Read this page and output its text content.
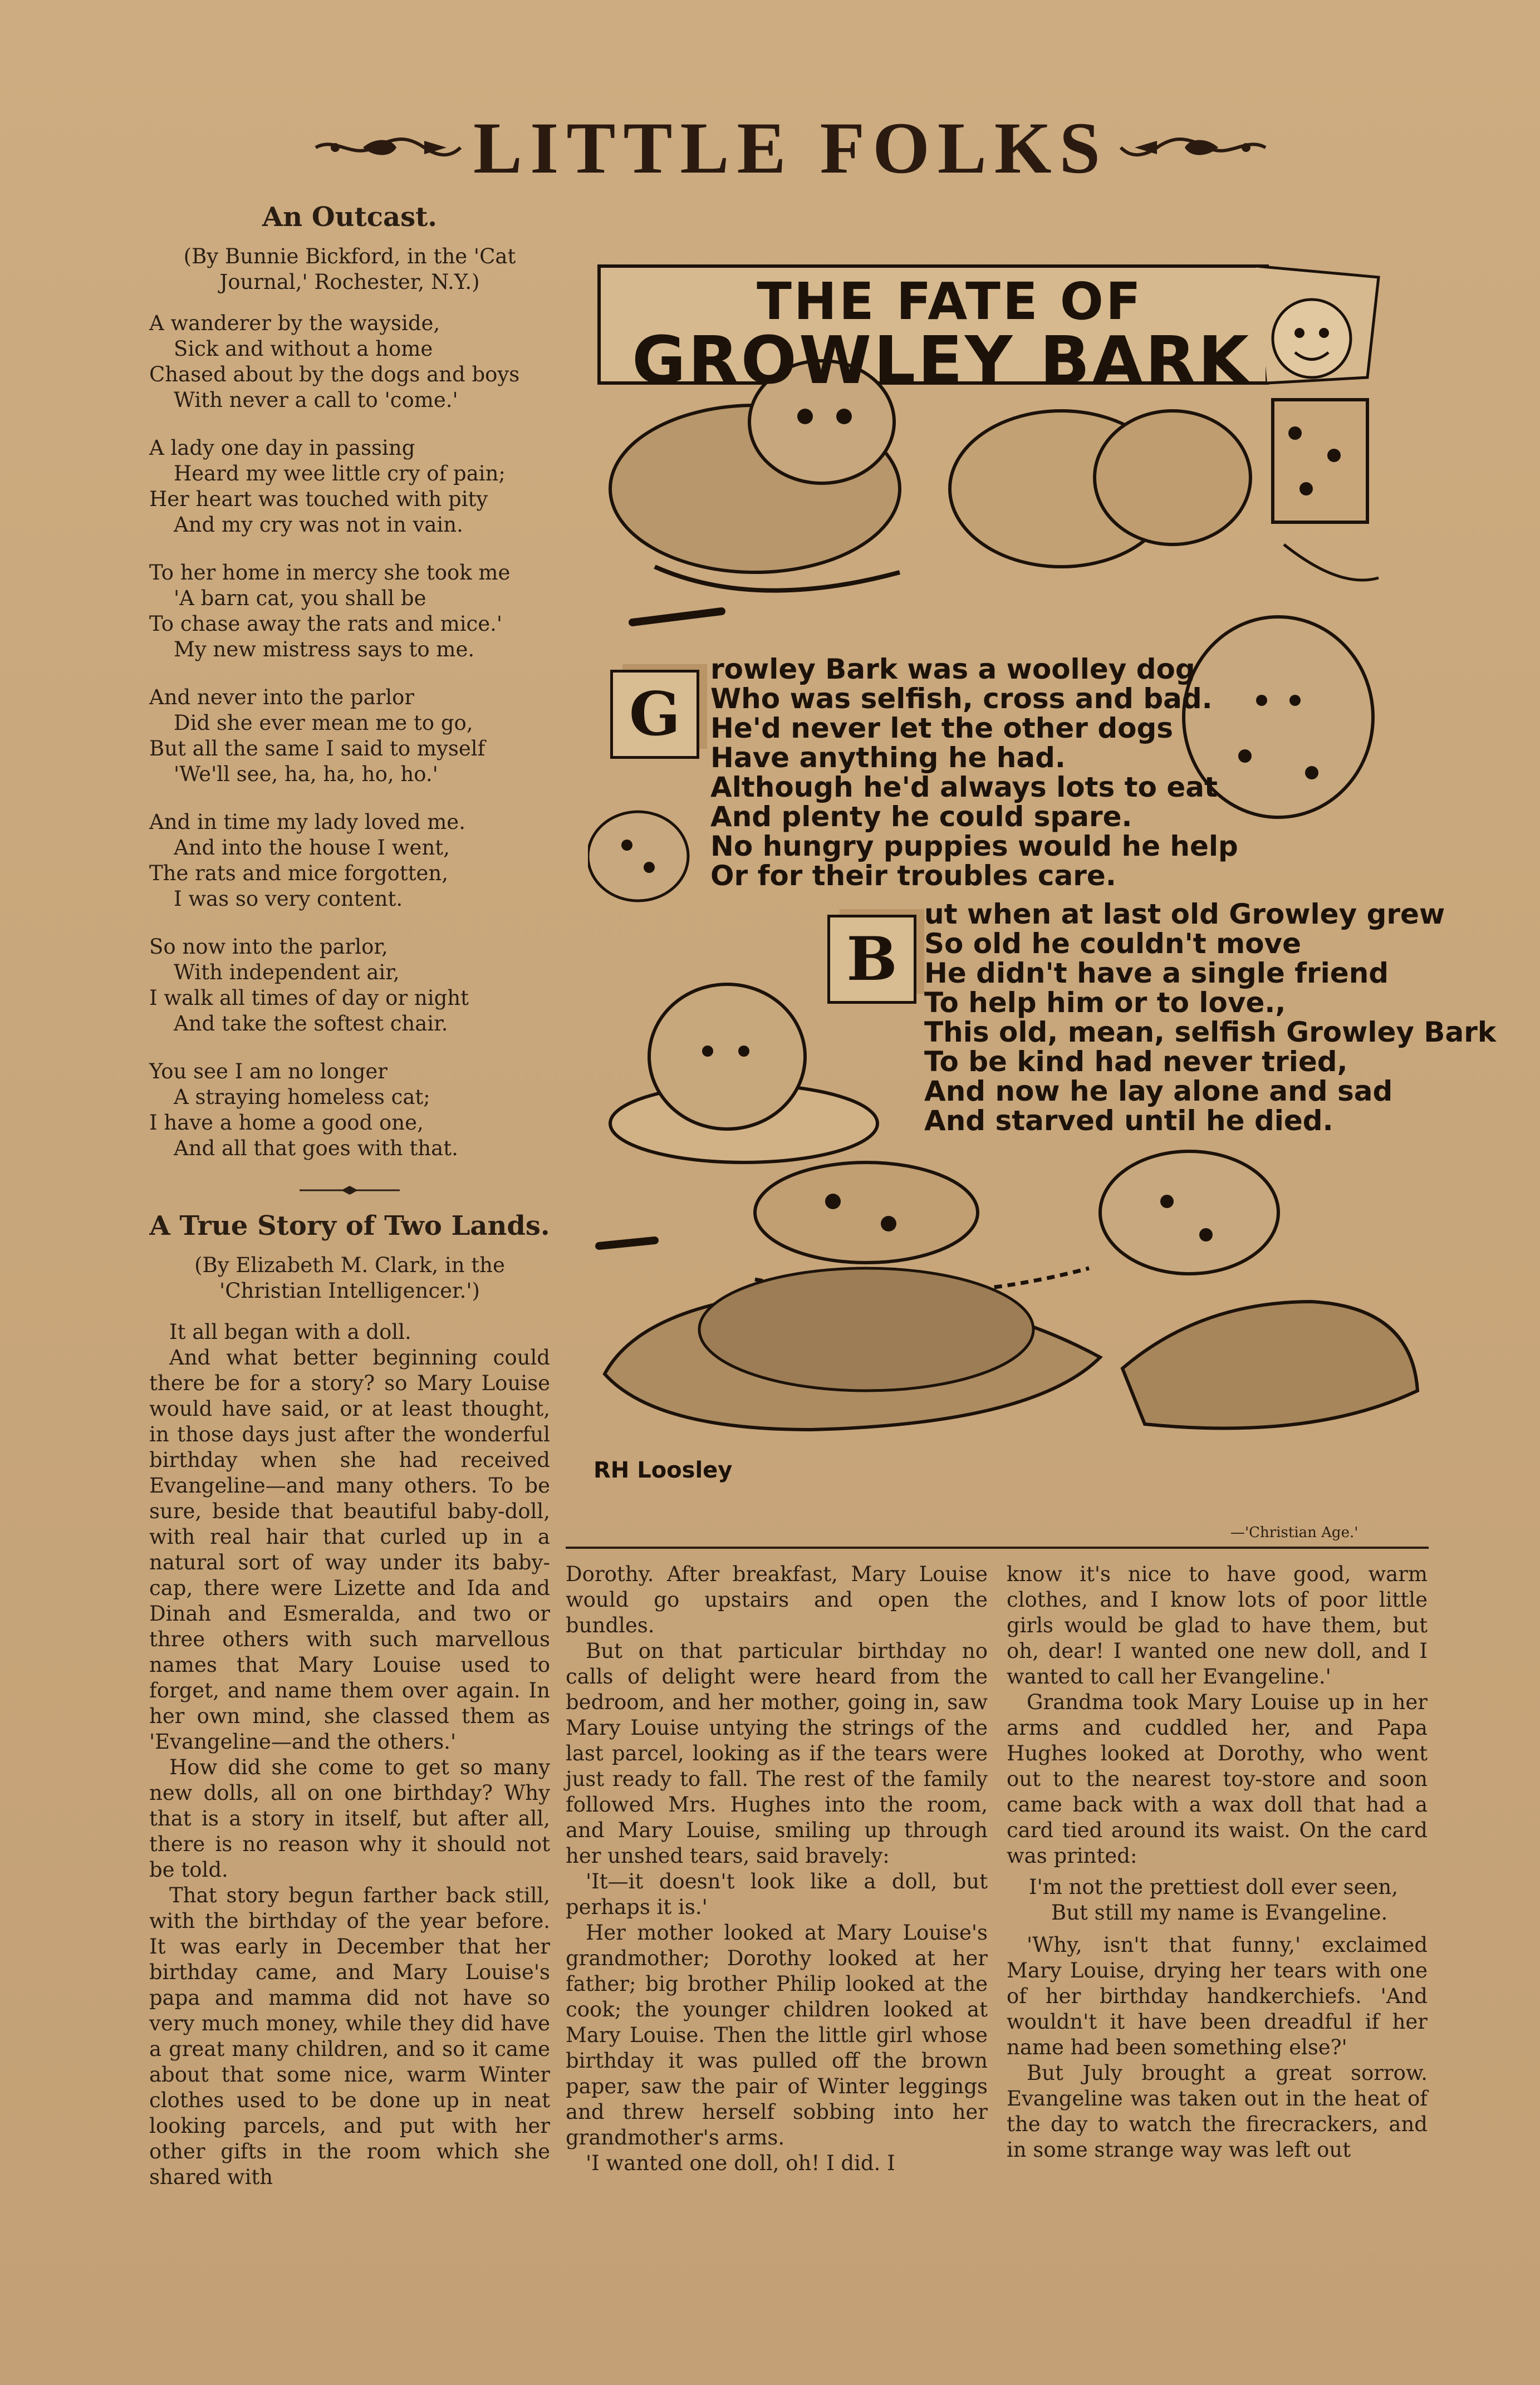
LITTLE FOLKS
An Outcast.
(By Bunnie Bickford, in the 'Cat Journal,' Rochester, N.Y.)
A wanderer by the wayside,
Sick and without a home
Chased about by the dogs and boys
With never a call to 'come.'
A lady one day in passing
Heard my wee little cry of pain;
Her heart was touched with pity
And my cry was not in vain.
To her home in mercy she took me
'A barn cat, you shall be
To chase away the rats and mice.'
My new mistress says to me.
And never into the parlor
Did she ever mean me to go,
But all the same I said to myself
'We'll see, ha, ha, ho, ho.'
And in time my lady loved me.
And into the house I went,
The rats and mice forgotten,
I was so very content.
So now into the parlor,
With independent air,
I walk all times of day or night
And take the softest chair.
You see I am no longer
A straying homeless cat;
I have a home a good one,
And all that goes with that.
A True Story of Two Lands.
(By Elizabeth M. Clark, in the 'Christian Intelligencer.')

It all began with a doll.

And what better beginning could there be for a story? so Mary Louise would have said, or at least thought, in those days just after the wonderful birthday when she had received Evangeline—and many others. To be sure, beside that beautiful baby-doll, with real hair that curled up in a natural sort of way under its baby-cap, there were Lizette and Ida and Dinah and Esmeralda, and two or three others with such marvellous names that Mary Louise used to forget, and name them over again. In her own mind, she classed them as 'Evangeline—and the others.'

How did she come to get so many new dolls, all on one birthday? Why that is a story in itself, but after all, there is no reason why it should not be told.

That story begun farther back still, with the birthday of the year before. It was early in December that her birthday came, and Mary Louise's papa and mamma did not have so very much money, while they did have a great many children, and so it came about that some nice, warm Winter clothes used to be done up in neat looking parcels, and put with her other gifts in the room which she shared with

THE FATE OF
GROWLEY BARK
G
rowley Bark was a woolley dog
Who was selfish, cross and bad.
He'd never let the other dogs
Have anything he had.
Although he'd always lots to eat
And plenty he could spare.
No hungry puppies would he help
Or for their troubles care.
B
ut when at last old Growley grew
So old he couldn't move
He didn't have a single friend
To help him or to love.,
This old, mean, selfish Growley Bark
To be kind had never tried,
And now he lay alone and sad
And starved until he died.
RH Loosley
—'Christian Age.'

Dorothy. After breakfast, Mary Louise would go upstairs and open the bundles.

But on that particular birthday no calls of delight were heard from the bedroom, and her mother, going in, saw Mary Louise untying the strings of the last parcel, looking as if the tears were just ready to fall. The rest of the family followed Mrs. Hughes into the room, and Mary Louise, smiling up through her unshed tears, said bravely:

'It—it doesn't look like a doll, but perhaps it is.'

Her mother looked at Mary Louise's grandmother; Dorothy looked at her father; big brother Philip looked at the cook; the younger children looked at Mary Louise. Then the little girl whose birthday it was pulled off the brown paper, saw the pair of Winter leggings and threw herself sobbing into her grandmother's arms.

'I wanted one doll, oh! I did. I

know it's nice to have good, warm clothes, and I know lots of poor little girls would be glad to have them, but oh, dear! I wanted one new doll, and I wanted to call her Evangeline.'

Grandma took Mary Louise up in her arms and cuddled her, and Papa Hughes looked at Dorothy, who went out to the nearest toy-store and soon came back with a wax doll that had a card tied around its waist. On the card was printed:

I'm not the prettiest doll ever seen,

But still my name is Evangeline.

'Why, isn't that funny,' exclaimed Mary Louise, drying her tears with one of her birthday handkerchiefs. 'And wouldn't it have been dreadful if her name had been something else?'

But July brought a great sorrow. Evangeline was taken out in the heat of the day to watch the firecrackers, and in some strange way was left out
